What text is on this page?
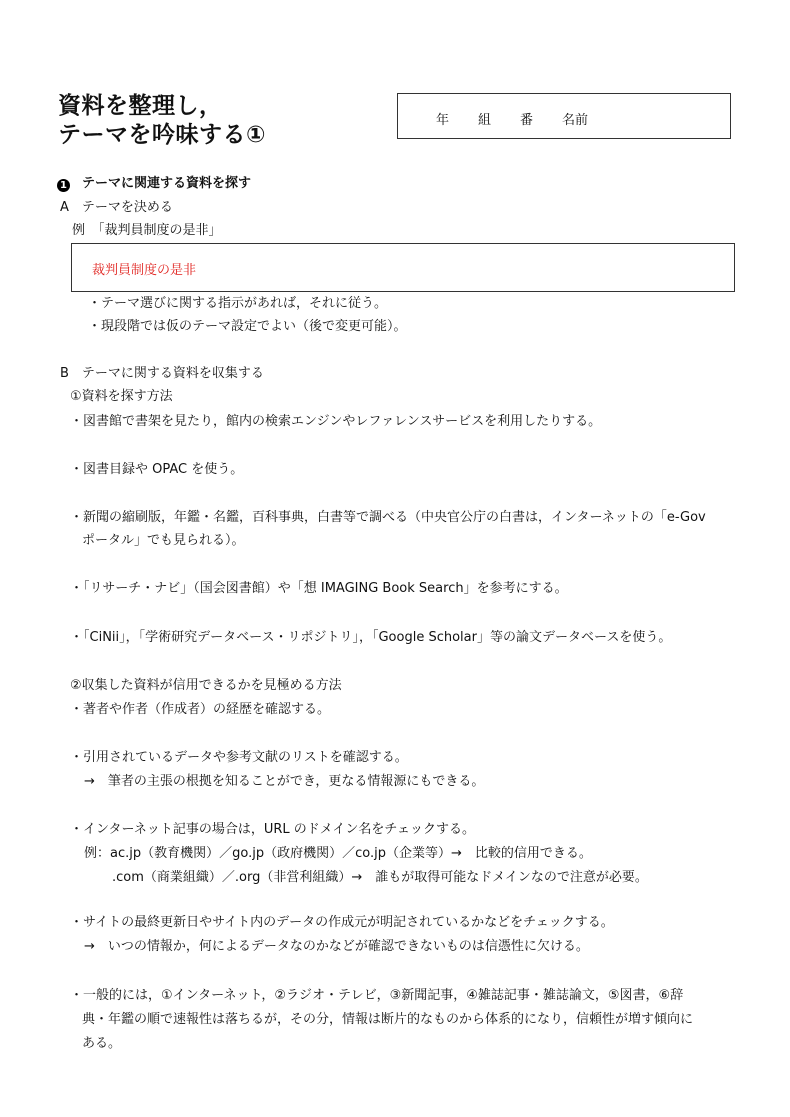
資料を整理し，
テーマを吟味する①
年 組 番 名前
1 テーマに関連する資料を探す
A　テーマを決める
例　「裁判員制度の是非」
裁判員制度の是非
・テーマ選びに関する指示があれば，それに従う。
・現段階では仮のテーマ設定でよい（後で変更可能）。
B　テーマに関する資料を収集する
①資料を探す方法
・図書館で書架を見たり，館内の検索エンジンやレファレンスサービスを利用したりする。
・図書目録や OPAC を使う。
・新聞の縮刷版，年鑑・名鑑，百科事典，白書等で調べる（中央官公庁の白書は，インターネットの「e-Gov
ポータル」でも見られる）。
・「リサーチ・ナビ」（国会図書館）や「想 IMAGING Book Search」を参考にする。
・「CiNii」，「学術研究データベース・リポジトリ」，「Google Scholar」等の論文データベースを使う。
②収集した資料が信用できるかを見極める方法
・著者や作者（作成者）の経歴を確認する。
・引用されているデータや参考文献のリストを確認する。
→　筆者の主張の根拠を知ることができ，更なる情報源にもできる。
・インターネット記事の場合は，URL のドメイン名をチェックする。
例：ac.jp（教育機関）／go.jp（政府機関）／co.jp（企業等）→　比較的信用できる。
.com（商業組織）／.org（非営利組織）→　誰もが取得可能なドメインなので注意が必要。
・サイトの最終更新日やサイト内のデータの作成元が明記されているかなどをチェックする。
→　いつの情報か，何によるデータなのかなどが確認できないものは信憑性に欠ける。
・一般的には，①インターネット，②ラジオ・テレビ，③新聞記事，④雑誌記事・雑誌論文，⑤図書，⑥辞
典・年鑑の順で速報性は落ちるが，その分，情報は断片的なものから体系的になり，信頼性が増す傾向に
ある。
